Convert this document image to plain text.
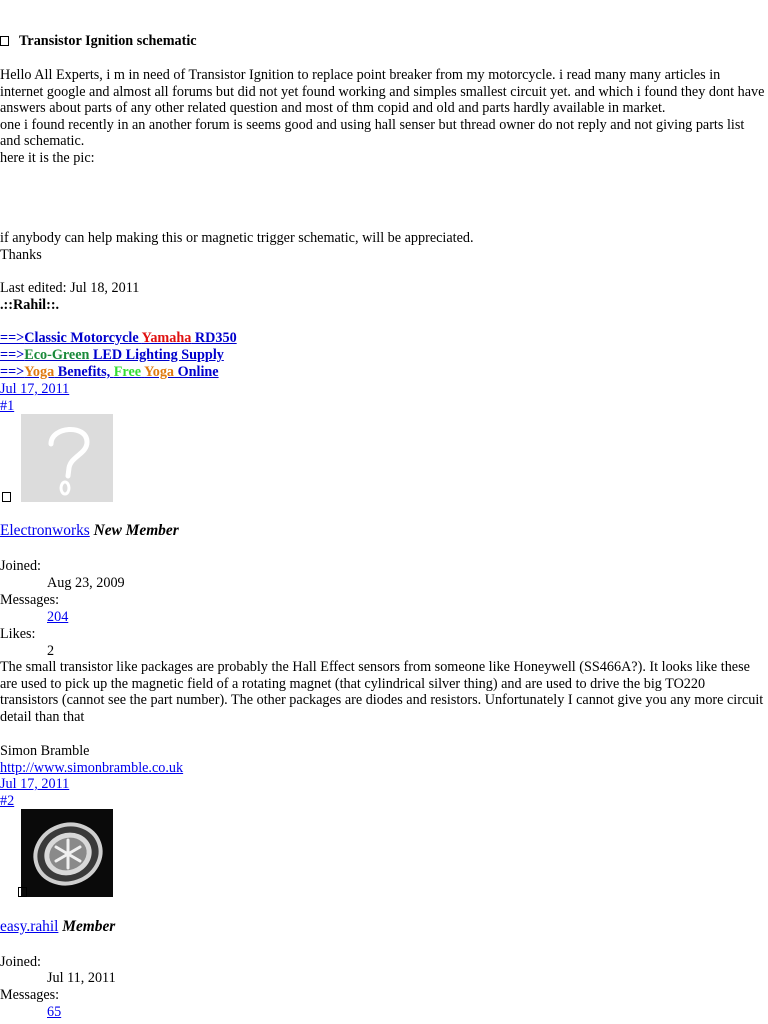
Transistor Ignition schematic
Hello All Experts, i m in need of Transistor Ignition to replace point breaker from my motorcycle. i read many many articles in internet google and almost all forums but did not yet found working and simples smallest circuit yet. and which i found they dont have answers about parts of any other related question and most of thm copid and old and parts hardly available in market.
one i found recently in an another forum is seems good and using hall senser but thread owner do not reply and not giving parts list and schematic.
here it is the pic:
if anybody can help making this or magnetic trigger schematic, will be appreciated.
Thanks
Last edited: Jul 18, 2011
.::Rahil::.
==>Classic Motorcycle Yamaha RD350
==>Eco-Green LED Lighting Supply
==>Yoga Benefits, Free Yoga Online
Jul 17, 2011
#1

Electronworks New Member
Joined:
Aug 23, 2009
Messages:
204
Likes:
2
The small transistor like packages are probably the Hall Effect sensors from someone like Honeywell (SS466A?). It looks like these are used to pick up the magnetic field of a rotating magnet (that cylindrical silver thing) and are used to drive the big TO220 transistors (cannot see the part number). The other packages are diodes and resistors. Unfortunately I cannot give you any more circuit detail than that
Simon Bramble
http://www.simonbramble.co.uk
Jul 17, 2011
#2
easy.rahil Member
Joined:
Jul 11, 2011
Messages:
65
